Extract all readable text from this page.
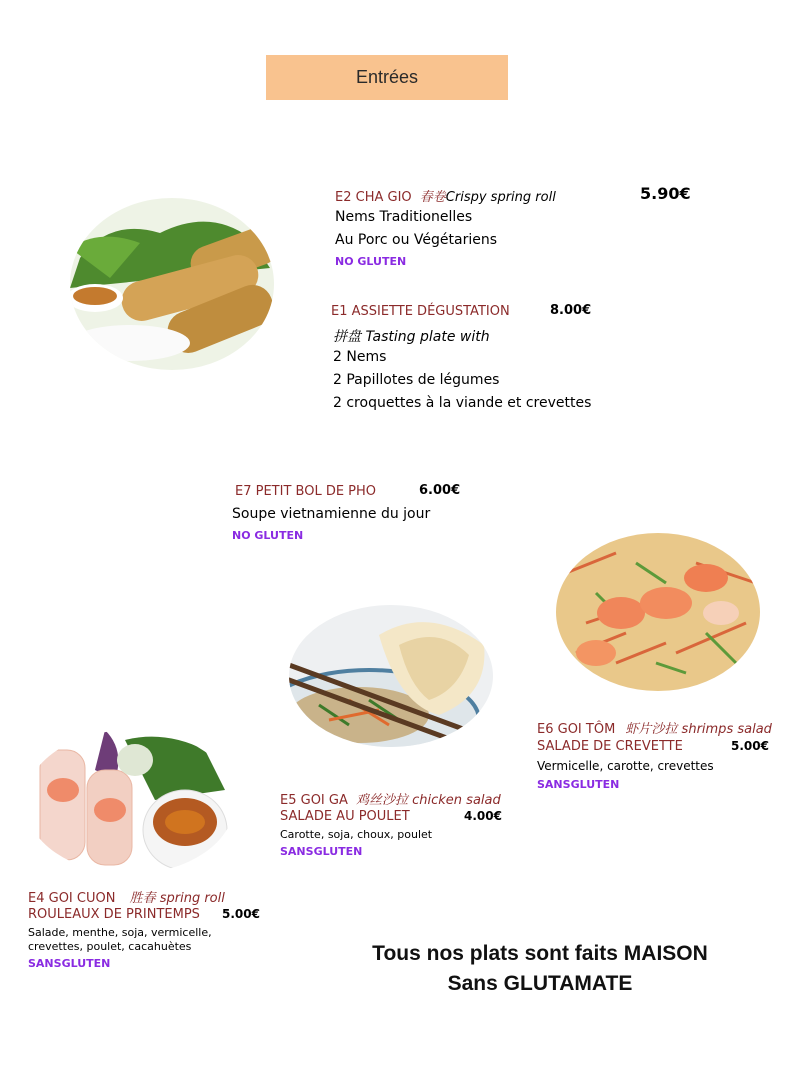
Entrées
E2 CHA GIO 春卷Crispy spring roll	5.90€
Nems Traditionelles
Au Porc ou Végétariens
NO GLUTEN
E1 ASSIETTE DÉGUSTATION	8.00€
拼盘 Tasting plate with
2 Nems
2 Papillotes de légumes
2 croquettes à la viande et crevettes
E7 PETIT BOL DE PHO	6.00€
Soupe vietnamienne du jour
NO GLUTEN
E6 GOI TÔM 虾片沙拉 shrimps salad
SALADE DE CREVETTE	5.00€
Vermicelle, carotte, crevettes
SANSGLUTEN
E5 GOI GA 鸡丝沙拉 chicken salad
SALADE AU POULET	4.00€
Carotte, soja, choux, poulet
SANSGLUTEN
E4 GOI CUON 胜春 spring roll
ROULEAUX DE PRINTEMPS 5.00€
Salade, menthe, soja, vermicelle,
crevettes, poulet, cacahuètes
SANSGLUTEN	Tous nos plats sont faits MAISON
Sans GLUTAMATE
